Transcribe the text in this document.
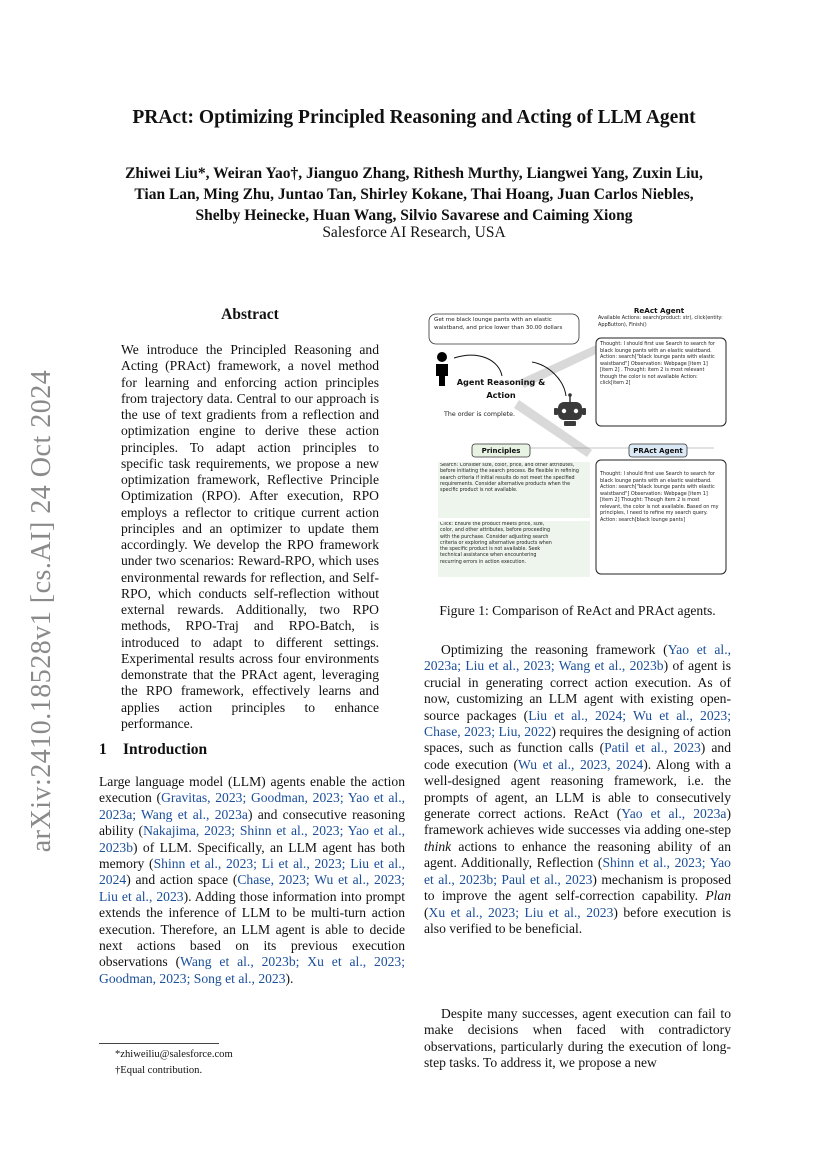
PRAct: Optimizing Principled Reasoning and Acting of LLM Agent
Zhiwei Liu*, Weiran Yao†, Jianguo Zhang, Rithesh Murthy, Liangwei Yang, Zuxin Liu,
Tian Lan, Ming Zhu, Juntao Tan, Shirley Kokane, Thai Hoang, Juan Carlos Niebles,
Shelby Heinecke, Huan Wang, Silvio Savarese and Caiming Xiong
Salesforce AI Research, USA
arXiv:2410.18528v1 [cs.AI] 24 Oct 2024
Abstract
We introduce the Principled Reasoning and Acting (PRAct) framework, a novel method for learning and enforcing action principles from trajectory data. Central to our approach is the use of text gradients from a reflection and optimization engine to derive these action principles. To adapt action principles to specific task requirements, we propose a new optimization framework, Reflective Principle Optimization (RPO). After execution, RPO employs a reflector to critique current action principles and an optimizer to update them accordingly. We develop the RPO framework under two scenarios: Reward-RPO, which uses environmental rewards for reflection, and Self-RPO, which conducts self-reflection without external rewards. Additionally, two RPO methods, RPO-Traj and RPO-Batch, is introduced to adapt to different settings. Experimental results across four environments demonstrate that the PRAct agent, leveraging the RPO framework, effectively learns and applies action principles to enhance performance.
1 Introduction
Large language model (LLM) agents enable the action execution (Gravitas, 2023; Goodman, 2023; Yao et al., 2023a; Wang et al., 2023a) and consecutive reasoning ability (Nakajima, 2023; Shinn et al., 2023; Yao et al., 2023b) of LLM. Specifically, an LLM agent has both memory (Shinn et al., 2023; Li et al., 2023; Liu et al., 2024) and action space (Chase, 2023; Wu et al., 2023; Liu et al., 2023). Adding those information into prompt extends the inference of LLM to be multi-turn action execution. Therefore, an LLM agent is able to decide next actions based on its previous execution observations (Wang et al., 2023b; Xu et al., 2023; Goodman, 2023; Song et al., 2023).
*zhiweiliu@salesforce.com
†Equal contribution.
Get me black lounge pants with an elastic waistband, and price lower than 30.00 dollars
Agent Reasoning & Action
The order is complete.
ReAct Agent
Available Actions: search(product: str), click(entity: AppButton), Finish()
Thought: I should first use Search to search for black lounge pants with an elastic waistband. Action: search["black lounge pants with elastic waistband"] Observation: Webpage [item 1] [item 2] . Thought: item 2 is most relevant though the color is not available Action: click[item 2]
Principles
Search: Consider size, color, price, and other attributes, before initiating the search process. Be flexible in refining search criteria if initial results do not meet the specified requirements. Consider alternative products when the specific product is not available.
Click: Ensure the product meets price, size, color, and other attributes, before proceeding with the purchase. Consider adjusting search criteria or exploring alternative products when the specific product is not available. Seek technical assistance when encountering recurring errors in action execution.
PRAct Agent
Thought: I should first use Search to search for black lounge pants with an elastic waistband. Action: search["black lounge pants with elastic waistband"] Observation: Webpage [item 1] [item 2] Thought: Though item 2 is most relevant, the color is not available. Based on my principles, I need to refine my search query. Action: search[black lounge pants]
Figure 1: Comparison of ReAct and PRAct agents.
Optimizing the reasoning framework (Yao et al., 2023a; Liu et al., 2023; Wang et al., 2023b) of agent is crucial in generating correct action execution. As of now, customizing an LLM agent with existing open-source packages (Liu et al., 2024; Wu et al., 2023; Chase, 2023; Liu, 2022) requires the designing of action spaces, such as function calls (Patil et al., 2023) and code execution (Wu et al., 2023, 2024). Along with a well-designed agent reasoning framework, i.e. the prompts of agent, an LLM is able to consecutively generate correct actions. ReAct (Yao et al., 2023a) framework achieves wide successes via adding one-step think actions to enhance the reasoning ability of an agent. Additionally, Reflection (Shinn et al., 2023; Yao et al., 2023b; Paul et al., 2023) mechanism is proposed to improve the agent self-correction capability. Plan (Xu et al., 2023; Liu et al., 2023) before execution is also verified to be beneficial.
Despite many successes, agent execution can fail to make decisions when faced with contradictory observations, particularly during the execution of long-step tasks. To address it, we propose a new
